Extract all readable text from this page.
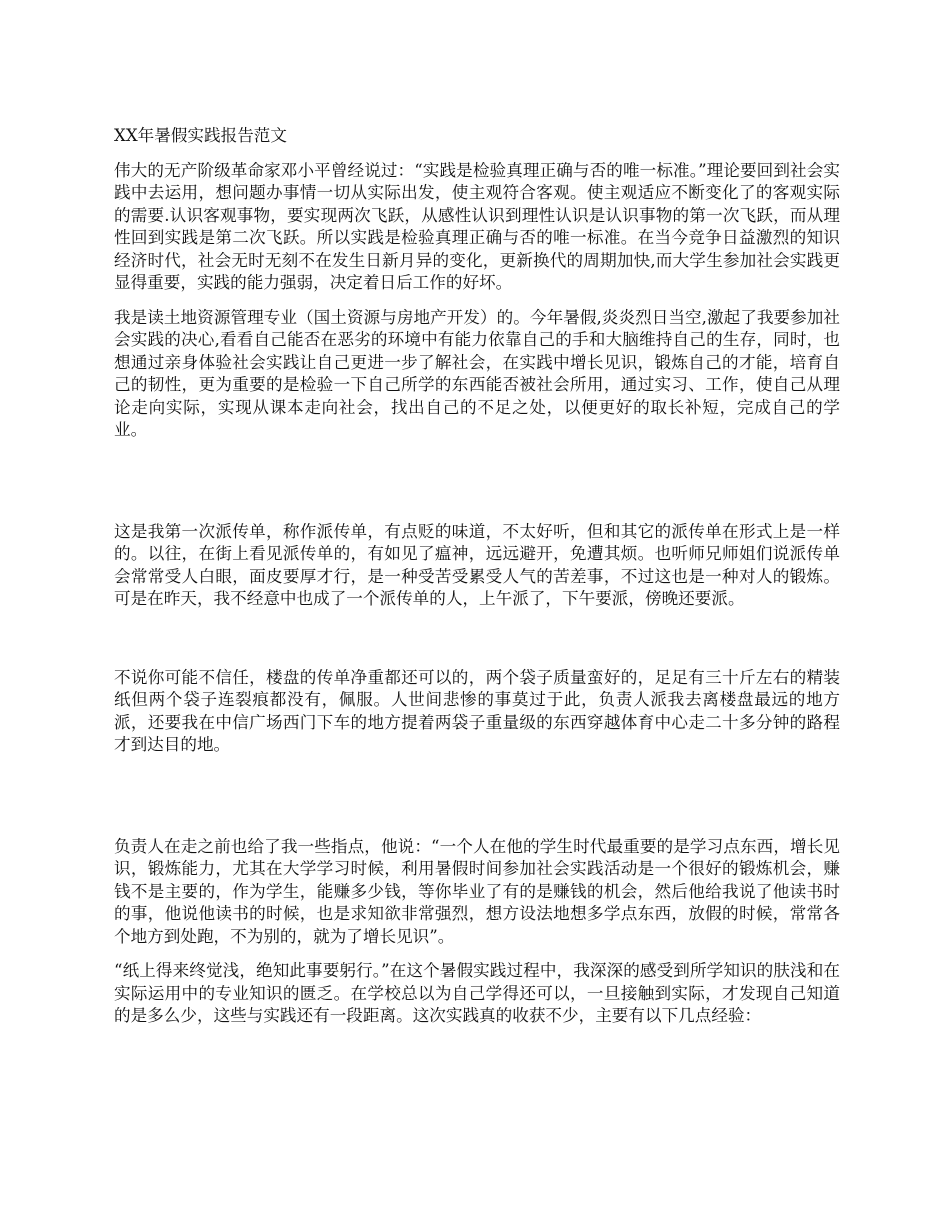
XX年暑假实践报告范文

伟大的无产阶级革命家邓小平曾经说过：“实践是检验真理正确与否的唯一标准。”理论要回到社会实践中去运用，想问题办事情一切从实际出发，使主观符合客观。使主观适应不断变化了的客观实际的需要.认识客观事物，要实现两次飞跃，从感性认识到理性认识是认识事物的第一次飞跃，而从理性回到实践是第二次飞跃。所以实践是检验真理正确与否的唯一标准。在当今竞争日益激烈的知识经济时代，社会无时无刻不在发生日新月异的变化，更新换代的周期加快,而大学生参加社会实践更显得重要，实践的能力强弱，决定着日后工作的好坏。

我是读土地资源管理专业（国土资源与房地产开发）的。今年暑假,炎炎烈日当空,激起了我要参加社会实践的决心,看看自己能否在恶劣的环境中有能力依靠自己的手和大脑维持自己的生存，同时，也想通过亲身体验社会实践让自己更进一步了解社会，在实践中增长见识，锻炼自己的才能，培育自己的韧性，更为重要的是检验一下自己所学的东西能否被社会所用，通过实习、工作，使自己从理论走向实际，实现从课本走向社会，找出自己的不足之处，以便更好的取长补短，完成自己的学业。

这是我第一次派传单，称作派传单，有点贬的味道，不太好听，但和其它的派传单在形式上是一样的。以往，在街上看见派传单的，有如见了瘟神，远远避开，免遭其烦。也听师兄师姐们说派传单会常常受人白眼，面皮要厚才行，是一种受苦受累受人气的苦差事，不过这也是一种对人的锻炼。可是在昨天，我不经意中也成了一个派传单的人，上午派了，下午要派，傍晚还要派。

不说你可能不信任，楼盘的传单净重都还可以的，两个袋子质量蛮好的，足足有三十斤左右的精装纸但两个袋子连裂痕都没有，佩服。人世间悲惨的事莫过于此，负责人派我去离楼盘最远的地方派，还要我在中信广场西门下车的地方提着两袋子重量级的东西穿越体育中心走二十多分钟的路程才到达目的地。

负责人在走之前也给了我一些指点，他说：“一个人在他的学生时代最重要的是学习点东西，增长见识，锻炼能力，尤其在大学学习时候，利用暑假时间参加社会实践活动是一个很好的锻炼机会，赚钱不是主要的，作为学生，能赚多少钱，等你毕业了有的是赚钱的机会，然后他给我说了他读书时的事，他说他读书的时候，也是求知欲非常强烈，想方设法地想多学点东西，放假的时候，常常各个地方到处跑，不为别的，就为了增长见识”。

“纸上得来终觉浅，绝知此事要躬行。”在这个暑假实践过程中，我深深的感受到所学知识的肤浅和在实际运用中的专业知识的匮乏。在学校总以为自己学得还可以，一旦接触到实际，才发现自己知道的是多么少，这些与实践还有一段距离。这次实践真的收获不少，主要有以下几点经验：
